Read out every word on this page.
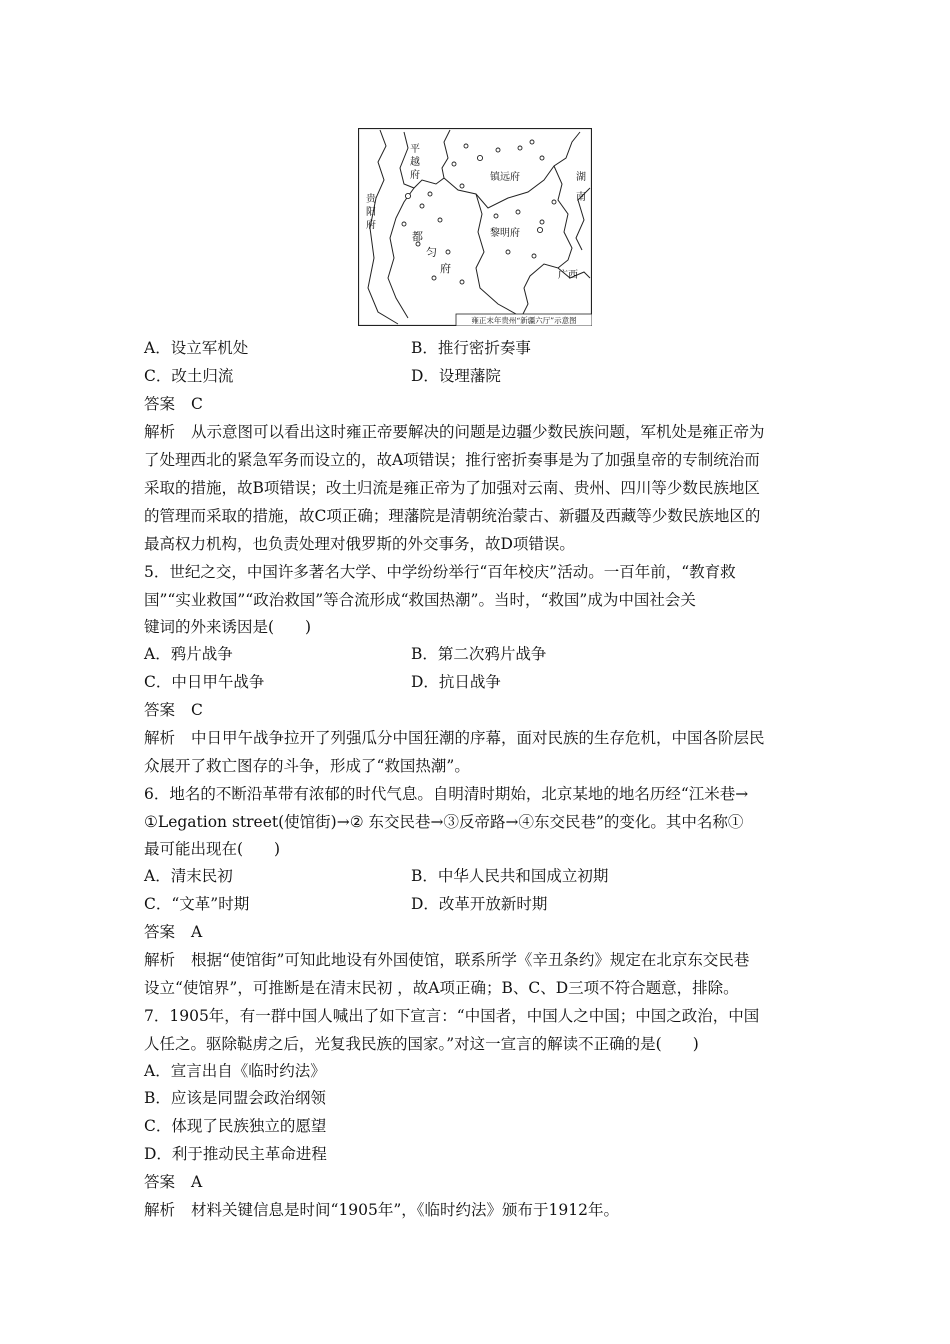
雍正末年贵州“新疆六厅”示意图
平
越
府
贵
阳
府
都
匀
府
镇远府
黎明府
湖
南
广西
A．设立军机处	B．推行密折奏事
C．改土归流	D．设理藩院
答案 C
解析 从示意图可以看出这时雍正帝要解决的问题是边疆少数民族问题，军机处是雍正帝为
了处理西北的紧急军务而设立的，故A项错误；推行密折奏事是为了加强皇帝的专制统治而
采取的措施，故B项错误；改土归流是雍正帝为了加强对云南、贵州、四川等少数民族地区
的管理而采取的措施，故C项正确；理藩院是清朝统治蒙古、新疆及西藏等少数民族地区的
最高权力机构，也负责处理对俄罗斯的外交事务，故D项错误。
5．世纪之交，中国许多著名大学、中学纷纷举行“百年校庆”活动。一百年前，“教育救
国”“实业救国”“政治救国”等合流形成“救国热潮”。当时，“救国”成为中国社会关
键词的外来诱因是(　　)
A．鸦片战争	B．第二次鸦片战争
C．中日甲午战争	D．抗日战争
答案 C
解析 中日甲午战争拉开了列强瓜分中国狂潮的序幕，面对民族的生存危机，中国各阶层民
众展开了救亡图存的斗争，形成了“救国热潮”。
6．地名的不断沿革带有浓郁的时代气息。自明清时期始，北京某地的地名历经“江米巷→
①Legation street(使馆街)→② 东交民巷→③反帝路→④东交民巷”的变化。其中名称①
最可能出现在(　　)
A．清末民初	B．中华人民共和国成立初期
C．“文革”时期	D．改革开放新时期
答案 A
解析 根据“使馆街”可知此地设有外国使馆，联系所学《辛丑条约》规定在北京东交民巷
设立“使馆界”，可推断是在清末民初 ，故A项正确；B、C、D三项不符合题意，排除。
7．1905年，有一群中国人喊出了如下宣言：“中国者，中国人之中国；中国之政治，中国
人任之。驱除鞑虏之后，光复我民族的国家。”对这一宣言的解读不正确的是(　　)
A．宣言出自《临时约法》
B．应该是同盟会政治纲领
C．体现了民族独立的愿望
D．利于推动民主革命进程
答案 A
解析 材料关键信息是时间“1905年”，《临时约法》颁布于1912年。
